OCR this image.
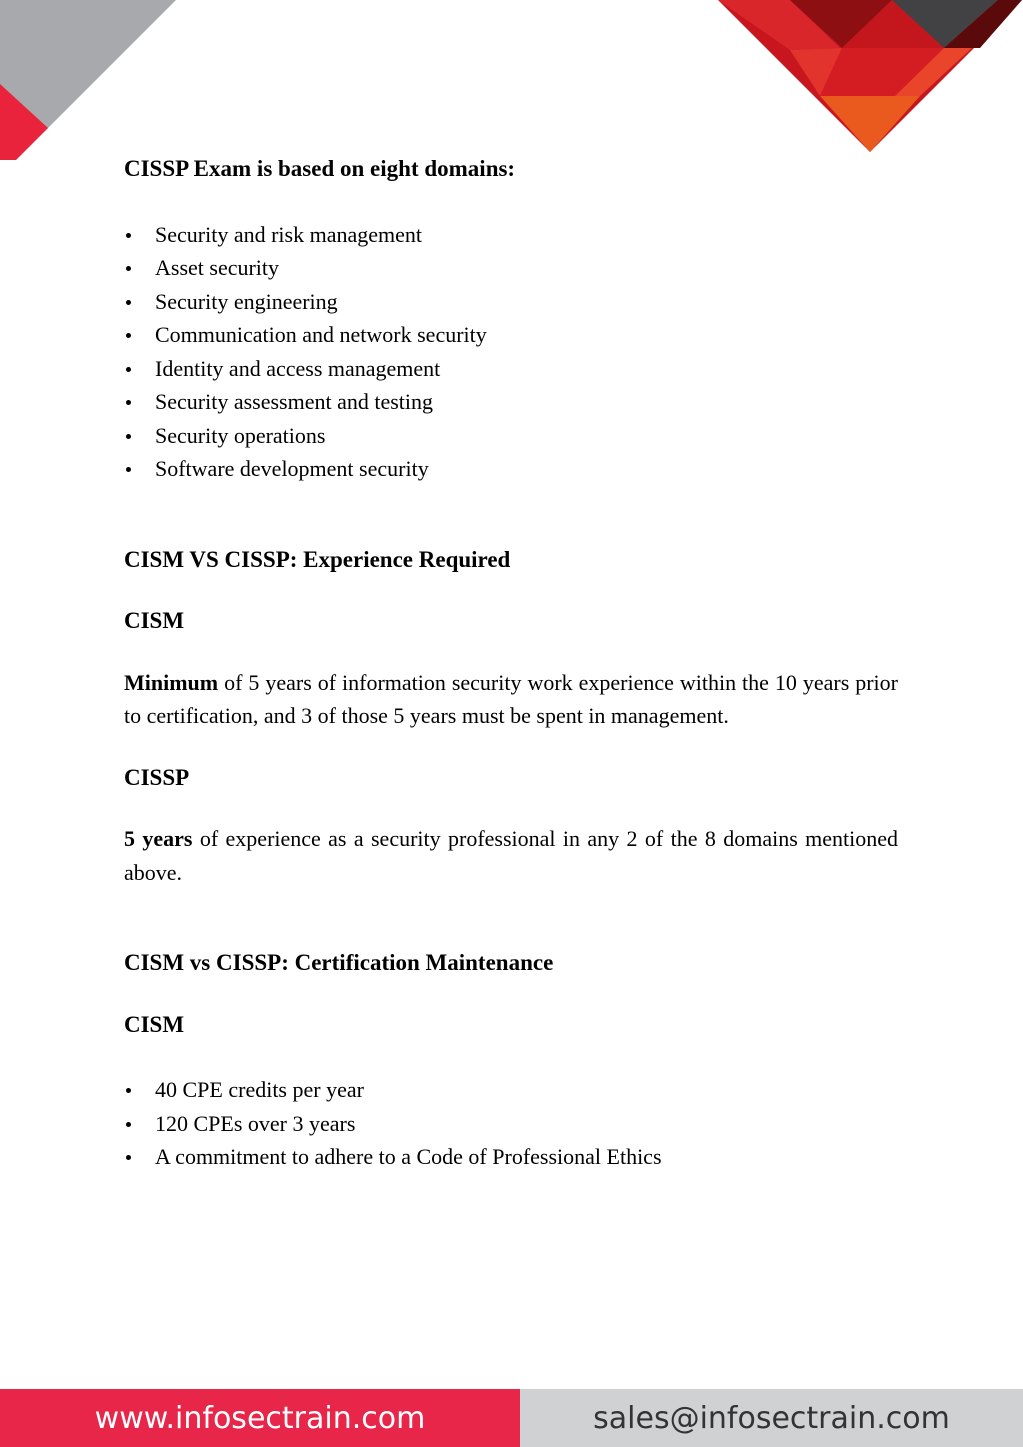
CISSP Exam is based on eight domains:

Security and risk management
Asset security
Security engineering
Communication and network security
Identity and access management
Security assessment and testing
Security operations
Software development security

CISM VS CISSP: Experience Required

CISM

Minimum of 5 years of information security work experience within the 10 years prior to certification, and 3 of those 5 years must be spent in management.

CISSP

5 years of experience as a security professional in any 2 of the 8 domains mentioned above.

CISM vs CISSP: Certification Maintenance

CISM

40 CPE credits per year
120 CPEs over 3 years
A commitment to adhere to a Code of Professional Ethics
www.infosectrain.com	sales@infosectrain.com
